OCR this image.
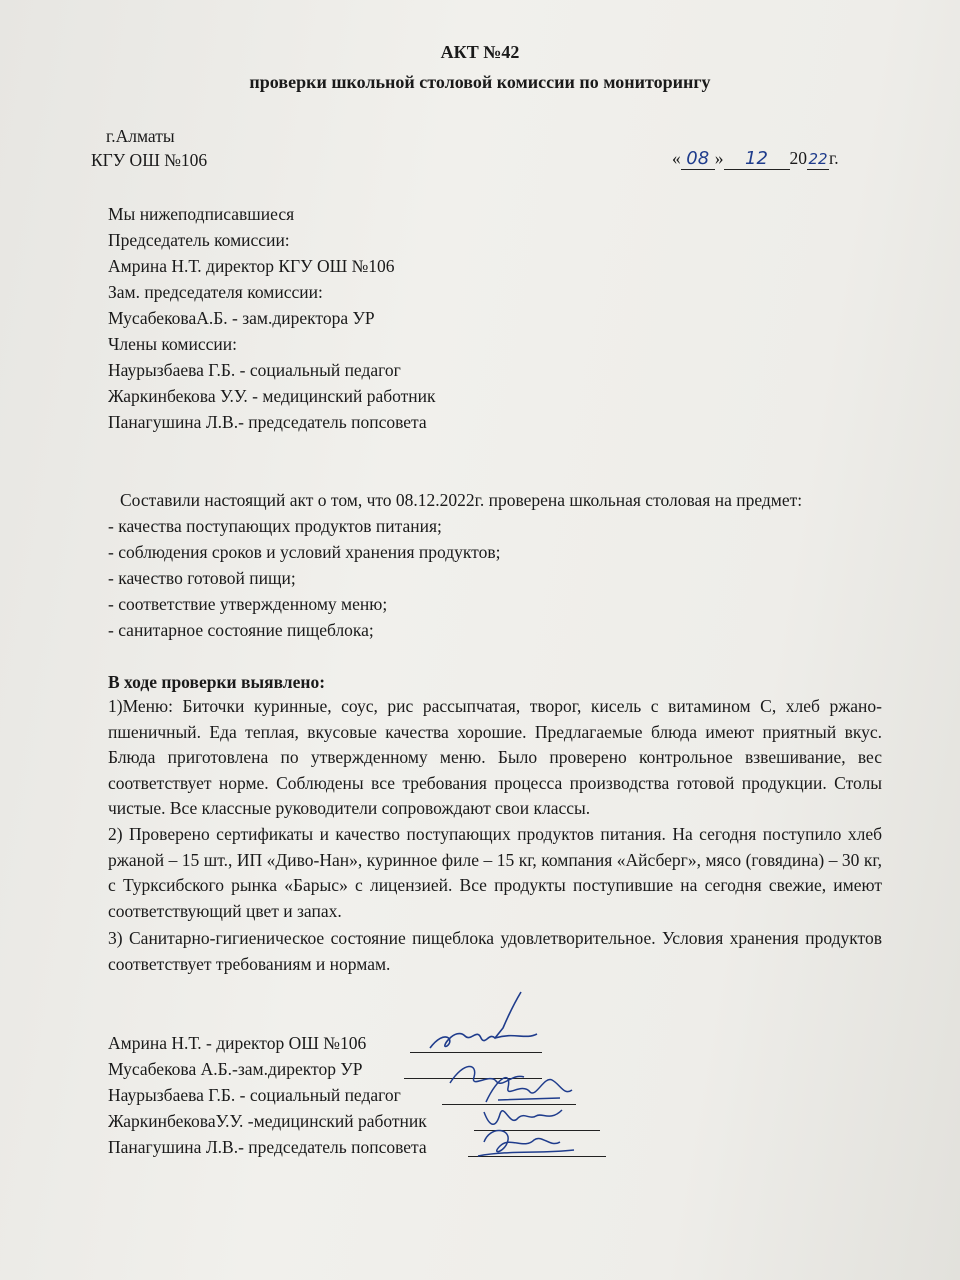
АКТ №42
проверки школьной столовой комиссии по мониторингу
г.Алматы
КГУ ОШ №106	« 08 » 12 2022г.
Мы нижеподписавшиеся
Председатель комиссии:
Амрина Н.Т. директор КГУ ОШ №106
Зам. председателя комиссии:
МусабековаА.Б. - зам.директора УР
Члены комиссии:
Наурызбаева Г.Б. - социальный педагог
Жаркинбекова У.У. - медицинский работник
Панагушина Л.В.- председатель попсовета
Составили настоящий акт о том, что 08.12.2022г. проверена школьная столовая на предмет:
- качества поступающих продуктов питания;
- соблюдения сроков и условий хранения продуктов;
- качество готовой пищи;
- соответствие утвержденному меню;
- санитарное состояние пищеблока;
В ходе проверки выявлено:
1)Меню: Биточки куринные, соус, рис рассыпчатая, творог, кисель с витамином С, хлеб ржано-пшеничный. Еда теплая, вкусовые качества хорошие. Предлагаемые блюда имеют приятный вкус. Блюда приготовлена по утвержденному меню. Было проверено контрольное взвешивание, вес соответствует норме. Соблюдены все требования процесса производства готовой продукции. Столы чистые. Все классные руководители сопровождают свои классы.
2) Проверено сертификаты и качество поступающих продуктов питания. На сегодня поступило хлеб ржаной – 15 шт., ИП «Диво-Нан», куринное филе – 15 кг, компания «Айсберг», мясо (говядина) – 30 кг, с Турксибского рынка «Барыс» с лицензией. Все продукты поступившие на сегодня свежие, имеют соответствующий цвет и запах.
3) Санитарно-гигиеническое состояние пищеблока удовлетворительное. Условия хранения продуктов соответствует требованиям и нормам.
Амрина Н.Т. - директор ОШ №106
Мусабекова А.Б.-зам.директор УР
Наурызбаева Г.Б. - социальный педагог
ЖаркинбековаУ.У. -медицинский работник
Панагушина Л.В.- председатель попсовета
